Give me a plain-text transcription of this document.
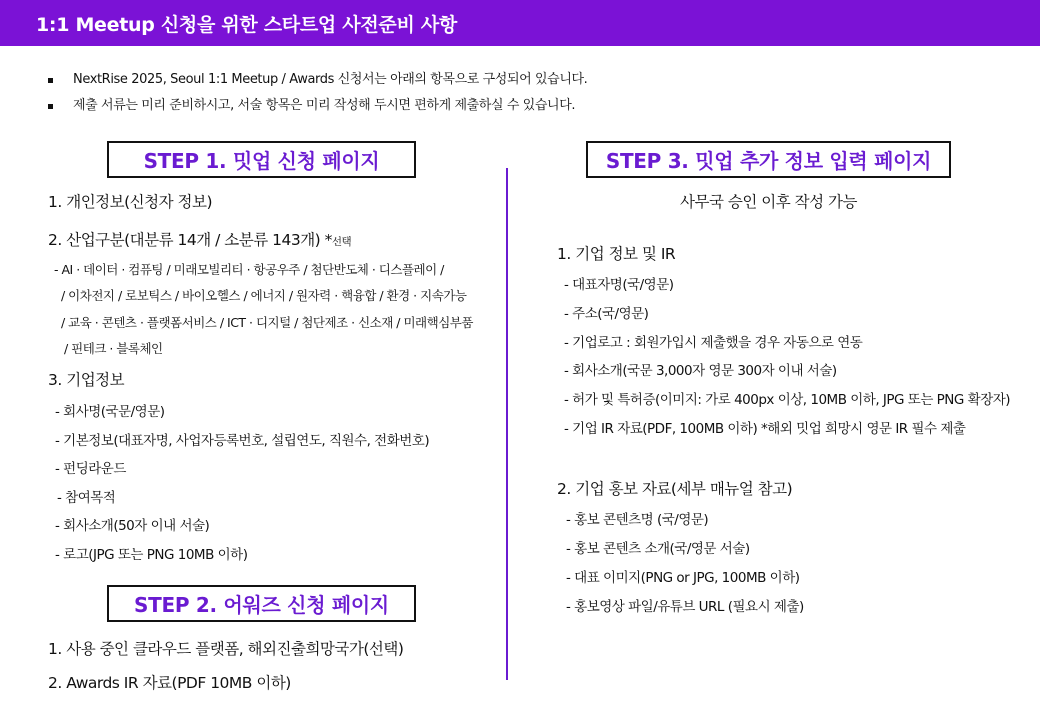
1:1 Meetup 신청을 위한 스타트업 사전준비 사항
NextRise 2025, Seoul 1:1 Meetup / Awards 신청서는 아래의 항목으로 구성되어 있습니다.
제출 서류는 미리 준비하시고, 서술 항목은 미리 작성해 두시면 편하게 제출하실 수 있습니다.
STEP 1. 밋업 신청 페이지
1. 개인정보(신청자 정보)
2. 산업구분(대분류 14개 / 소분류 143개) *선택
- AI · 데이터 · 컴퓨팅 / 미래모빌리티 · 항공우주 / 첨단반도체 · 디스플레이 /
/ 이차전지 / 로보틱스 / 바이오헬스 / 에너지 / 원자력 · 핵융합 / 환경 · 지속가능
/ 교육 · 콘텐츠 · 플랫폼서비스 / ICT · 디지털 / 첨단제조 · 신소재 / 미래핵심부품
/ 핀테크 · 블록체인
3. 기업정보
- 회사명(국문/영문)
- 기본정보(대표자명, 사업자등록번호, 설립연도, 직원수, 전화번호)
- 펀딩라운드
- 참여목적
- 회사소개(50자 이내 서술)
- 로고(JPG 또는 PNG 10MB 이하)
STEP 2. 어워즈 신청 페이지
1. 사용 중인 클라우드 플랫폼, 해외진출희망국가(선택)
2. Awards IR 자료(PDF 10MB 이하)
STEP 3. 밋업 추가 정보 입력 페이지
사무국 승인 이후 작성 가능
1. 기업 정보 및 IR
- 대표자명(국/영문)
- 주소(국/영문)
- 기업로고 : 회원가입시 제출했을 경우 자동으로 연동
- 회사소개(국문 3,000자 영문 300자 이내 서술)
- 허가 및 특허증(이미지: 가로 400px 이상, 10MB 이하, JPG 또는 PNG 확장자)
- 기업 IR 자료(PDF, 100MB 이하) *해외 밋업 희망시 영문 IR 필수 제출
2. 기업 홍보 자료(세부 매뉴얼 참고)
- 홍보 콘텐츠명 (국/영문)
- 홍보 콘텐츠 소개(국/영문 서술)
- 대표 이미지(PNG or JPG, 100MB 이하)
- 홍보영상 파일/유튜브 URL (필요시 제출)
